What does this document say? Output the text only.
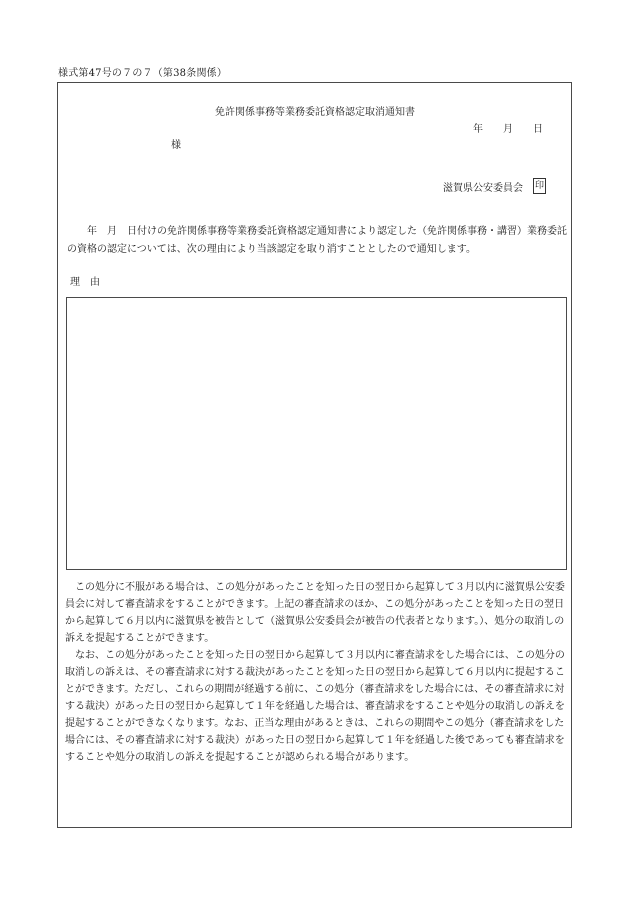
様式第47号の７の７（第38条関係）
免許関係事務等業務委託資格認定取消通知書
年　　月　　日
様
滋賀県公安委員会 印

年　月　日付けの免許関係事務等業務委託資格認定通知書により認定した（免許関係事務・講習）業務委託の資格の認定については、次の理由により当該認定を取り消すこととしたので通知します。

理　由

この処分に不服がある場合は、この処分があったことを知った日の翌日から起算して３月以内に滋賀県公安委員会に対して審査請求をすることができます。上記の審査請求のほか、この処分があったことを知った日の翌日から起算して６月以内に滋賀県を被告として（滋賀県公安委員会が被告の代表者となります。）、処分の取消しの訴えを提起することができます。

なお、この処分があったことを知った日の翌日から起算して３月以内に審査請求をした場合には、この処分の取消しの訴えは、その審査請求に対する裁決があったことを知った日の翌日から起算して６月以内に提起することができます。ただし、これらの期間が経過する前に、この処分（審査請求をした場合には、その審査請求に対する裁決）があった日の翌日から起算して１年を経過した場合は、審査請求をすることや処分の取消しの訴えを提起することができなくなります。なお、正当な理由があるときは、これらの期間やこの処分（審査請求をした場合には、その審査請求に対する裁決）があった日の翌日から起算して１年を経過した後であっても審査請求をすることや処分の取消しの訴えを提起することが認められる場合があります。
